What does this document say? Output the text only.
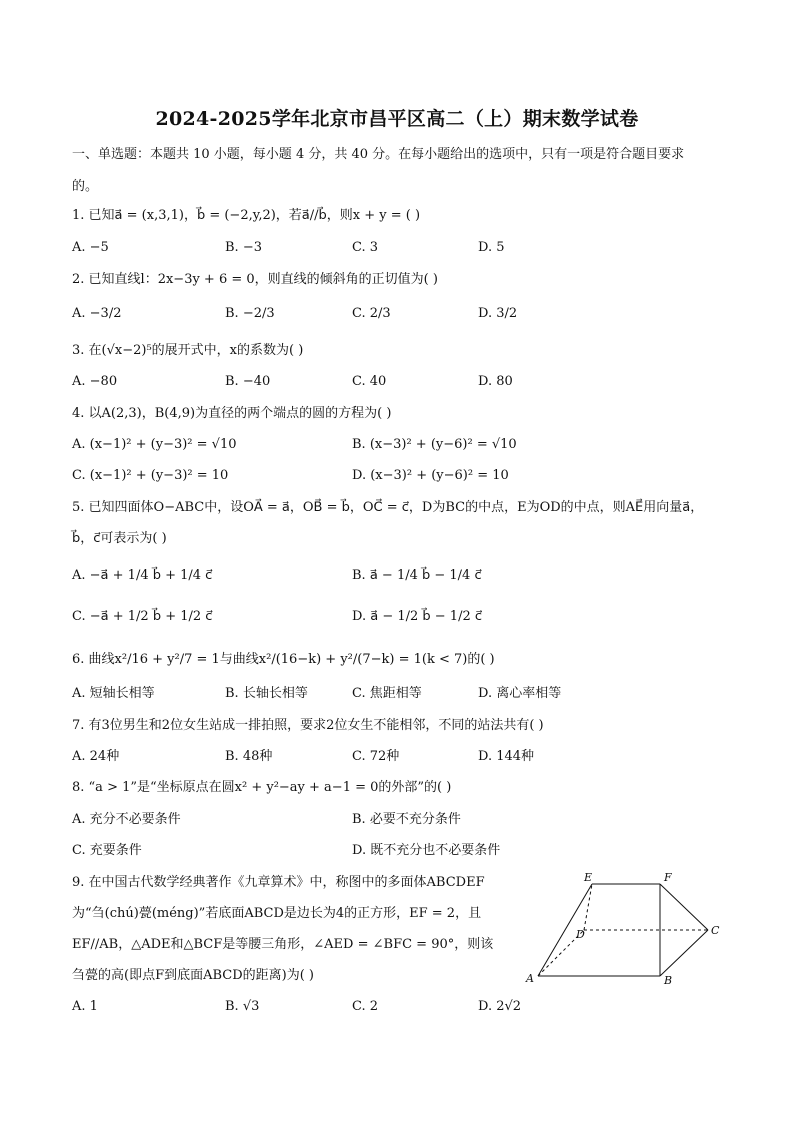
2024-2025学年北京市昌平区高二（上）期末数学试卷
一、单选题：本题共 10 小题，每小题 4 分，共 40 分。在每小题给出的选项中，只有一项是符合题目要求
的。
1. 已知a⃗ = (x,3,1)，b⃗ = (−2,y,2)，若a⃗//b⃗，则x + y = ( )
A. −5	B. −3	C. 3	D. 5
2. 已知直线l：2x−3y + 6 = 0，则直线的倾斜角的正切值为( )
A. −3/2	B. −2/3	C. 2/3	D. 3/2
3. 在(√x−2)⁵的展开式中，x的系数为( )
A. −80	B. −40	C. 40	D. 80
4. 以A(2,3)，B(4,9)为直径的两个端点的圆的方程为( )
A. (x−1)² + (y−3)² = √10	B. (x−3)² + (y−6)² = √10
C. (x−1)² + (y−3)² = 10	D. (x−3)² + (y−6)² = 10
5. 已知四面体O−ABC中，设OA⃗ = a⃗，OB⃗ = b⃗，OC⃗ = c⃗，D为BC的中点，E为OD的中点，则AE⃗用向量a⃗，
b⃗，c⃗可表示为( )
A. −a⃗ + 1/4 b⃗ + 1/4 c⃗	B. a⃗ − 1/4 b⃗ − 1/4 c⃗
C. −a⃗ + 1/2 b⃗ + 1/2 c⃗	D. a⃗ − 1/2 b⃗ − 1/2 c⃗
6. 曲线x²/16 + y²/7 = 1与曲线x²/(16−k) + y²/(7−k) = 1(k < 7)的( )
A. 短轴长相等	B. 长轴长相等	C. 焦距相等	D. 离心率相等
7. 有3位男生和2位女生站成一排拍照，要求2位女生不能相邻，不同的站法共有( )
A. 24种	B. 48种	C. 72种	D. 144种
8. “a > 1”是“坐标原点在圆x² + y²−ay + a−1 = 0的外部”的( )
A. 充分不必要条件	B. 必要不充分条件
C. 充要条件	D. 既不充分也不必要条件
9. 在中国古代数学经典著作《九章算术》中，称图中的多面体ABCDEF
为“刍(chú)甍(méng)”若底面ABCD是边长为4的正方形，EF = 2，且
EF//AB，△ADE和△BCF是等腰三角形，∠AED = ∠BFC = 90°，则该
刍甍的高(即点F到底面ABCD的距离)为( )
A. 1	B. √3	C. 2	D. 2√2
E	F
D	C
A	B
